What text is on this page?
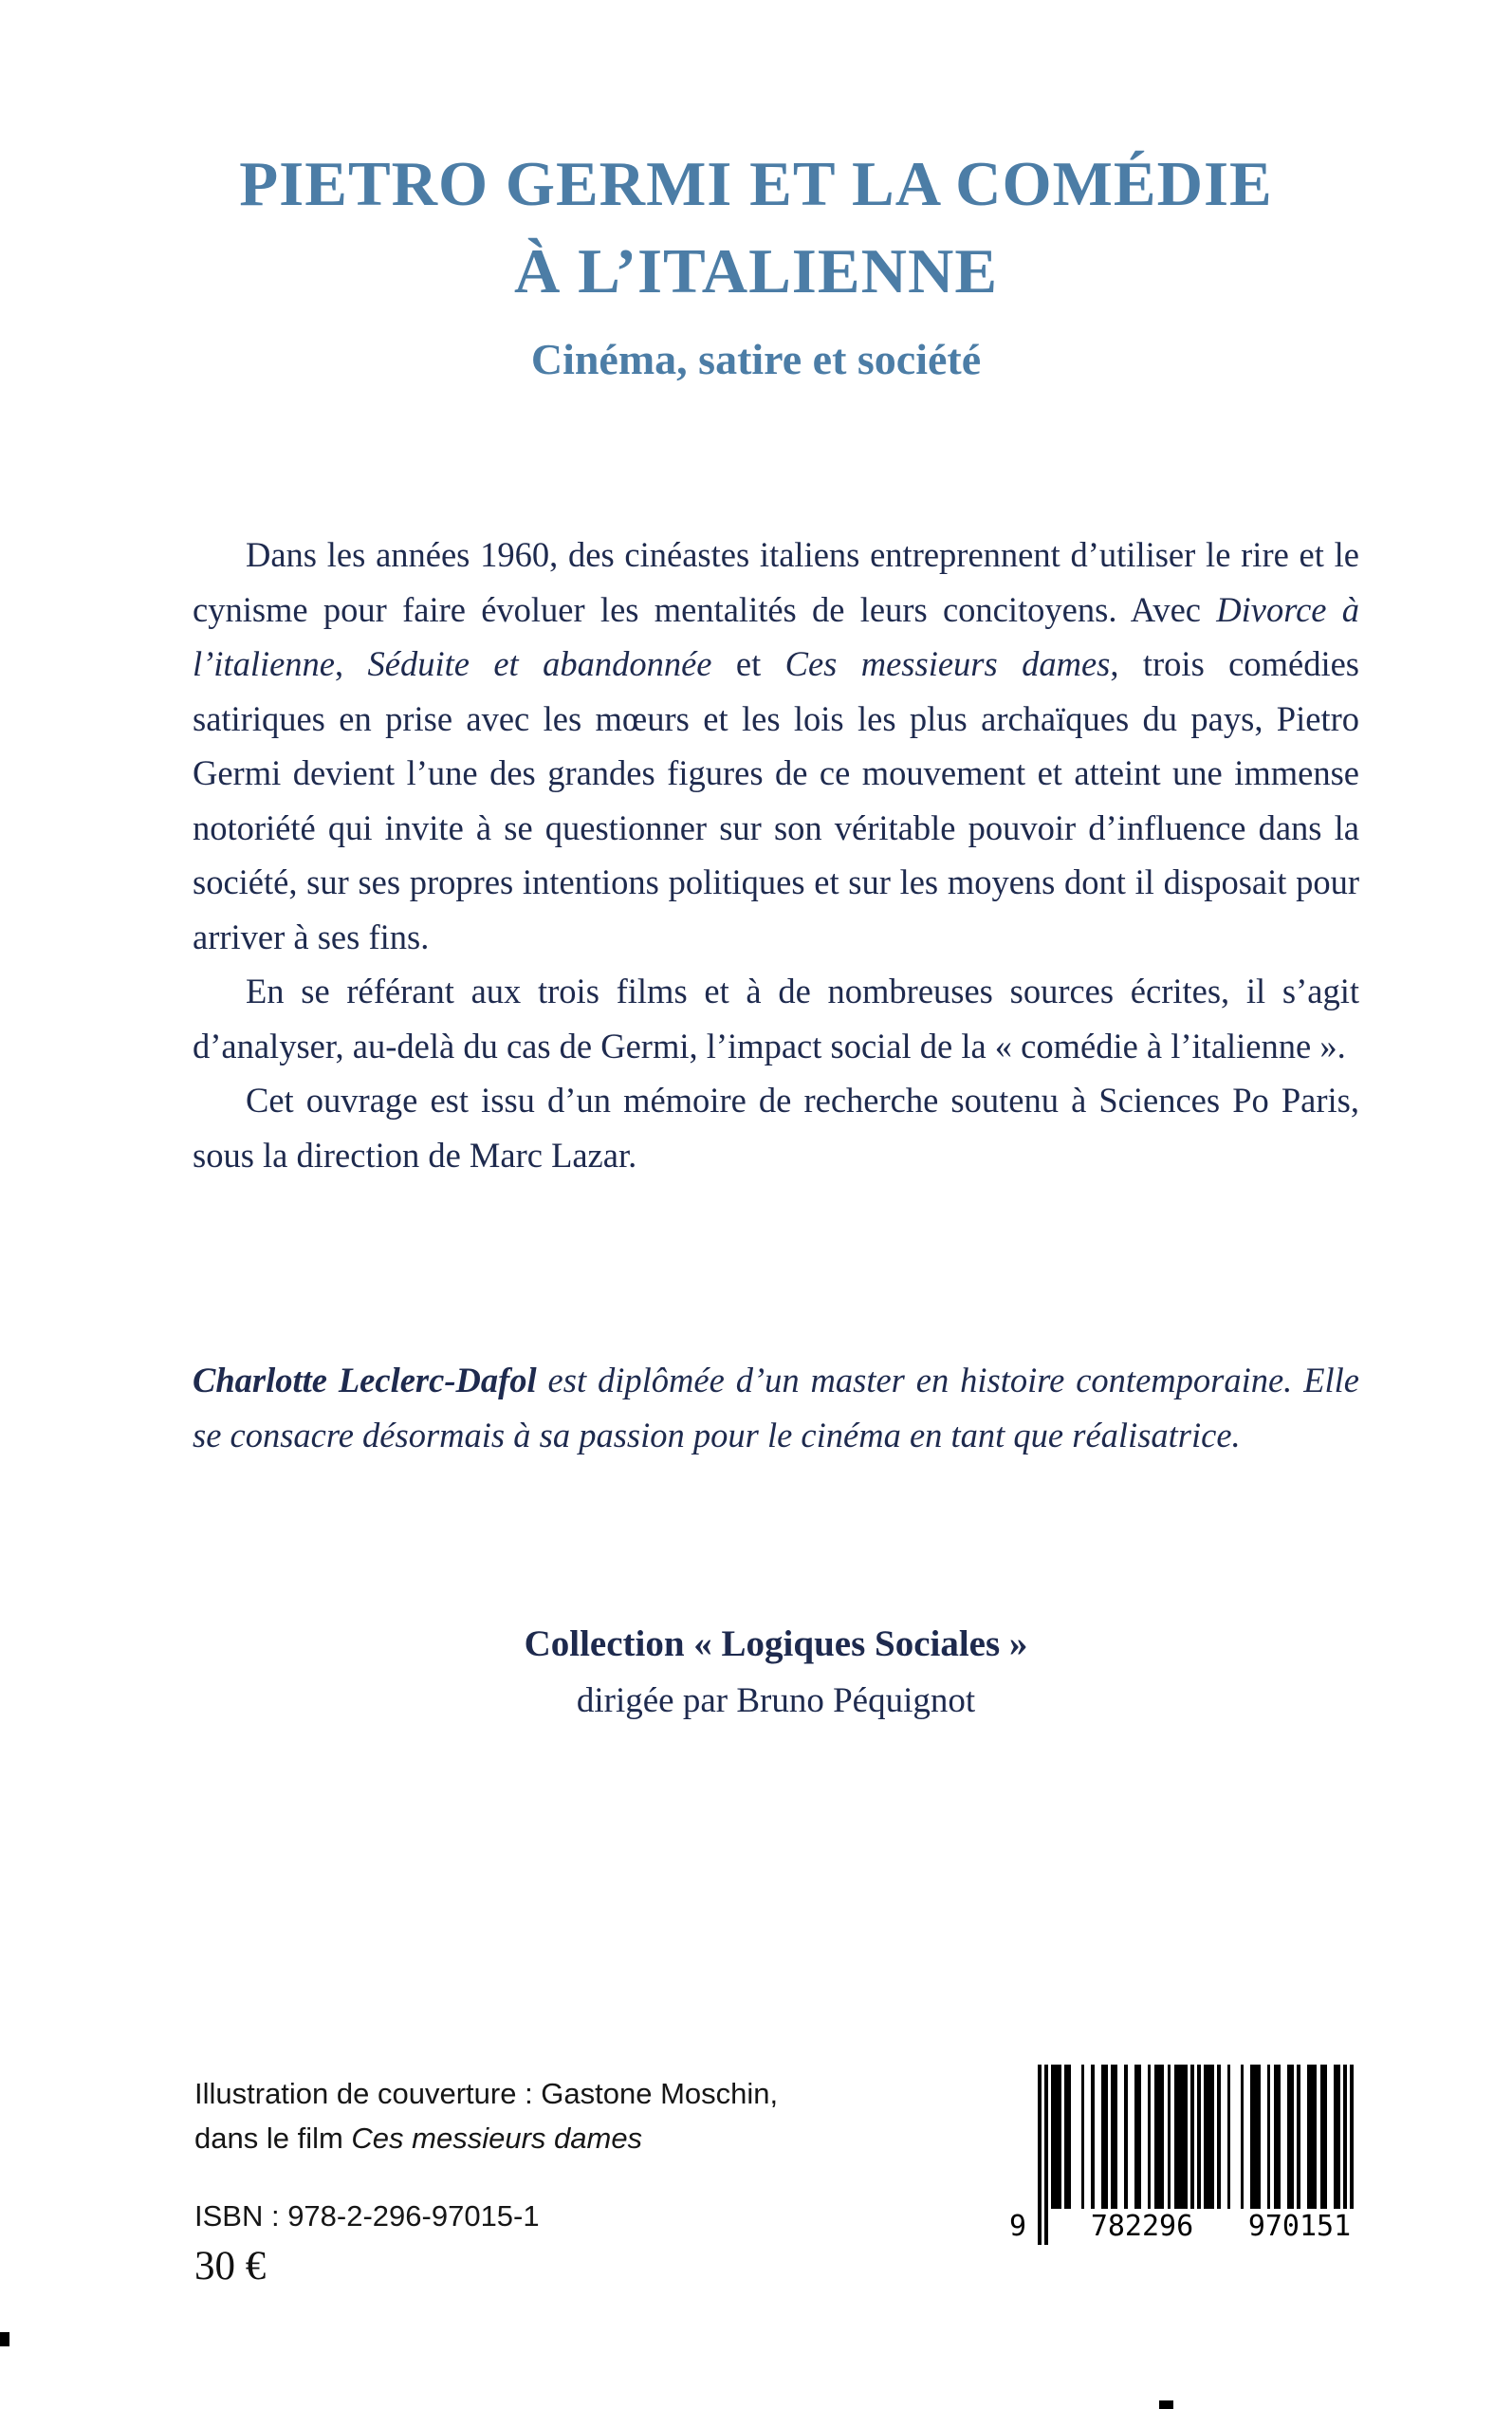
PIETRO GERMI ET LA COMÉDIE
À L’ITALIENNE
Cinéma, satire et société

Dans les années 1960, des cinéastes italiens entreprennent d’utiliser le rire et le cynisme pour faire évoluer les mentalités de leurs concitoyens. Avec Divorce à l’italienne, Séduite et abandonnée et Ces messieurs dames, trois comédies satiriques en prise avec les mœurs et les lois les plus archaïques du pays, Pietro Germi devient l’une des grandes figures de ce mouvement et atteint une immense notoriété qui invite à se questionner sur son véritable pouvoir d’influence dans la société, sur ses propres intentions politiques et sur les moyens dont il disposait pour arriver à ses fins.

En se référant aux trois films et à de nombreuses sources écrites, il s’agit d’analyser, au-delà du cas de Germi, l’impact social de la « comédie à l’italienne ».

Cet ouvrage est issu d’un mémoire de recherche soutenu à Sciences Po Paris, sous la direction de Marc Lazar.

Charlotte Leclerc-Dafol est diplômée d’un master en histoire contemporaine. Elle se consacre désormais à sa passion pour le cinéma en tant que réalisatrice.
Collection « Logiques Sociales »
dirigée par Bruno Péquignot
Illustration de couverture : Gastone Moschin,
dans le film Ces messieurs dames
ISBN : 978-2-296-97015-1
30 €
9	782296	970151
